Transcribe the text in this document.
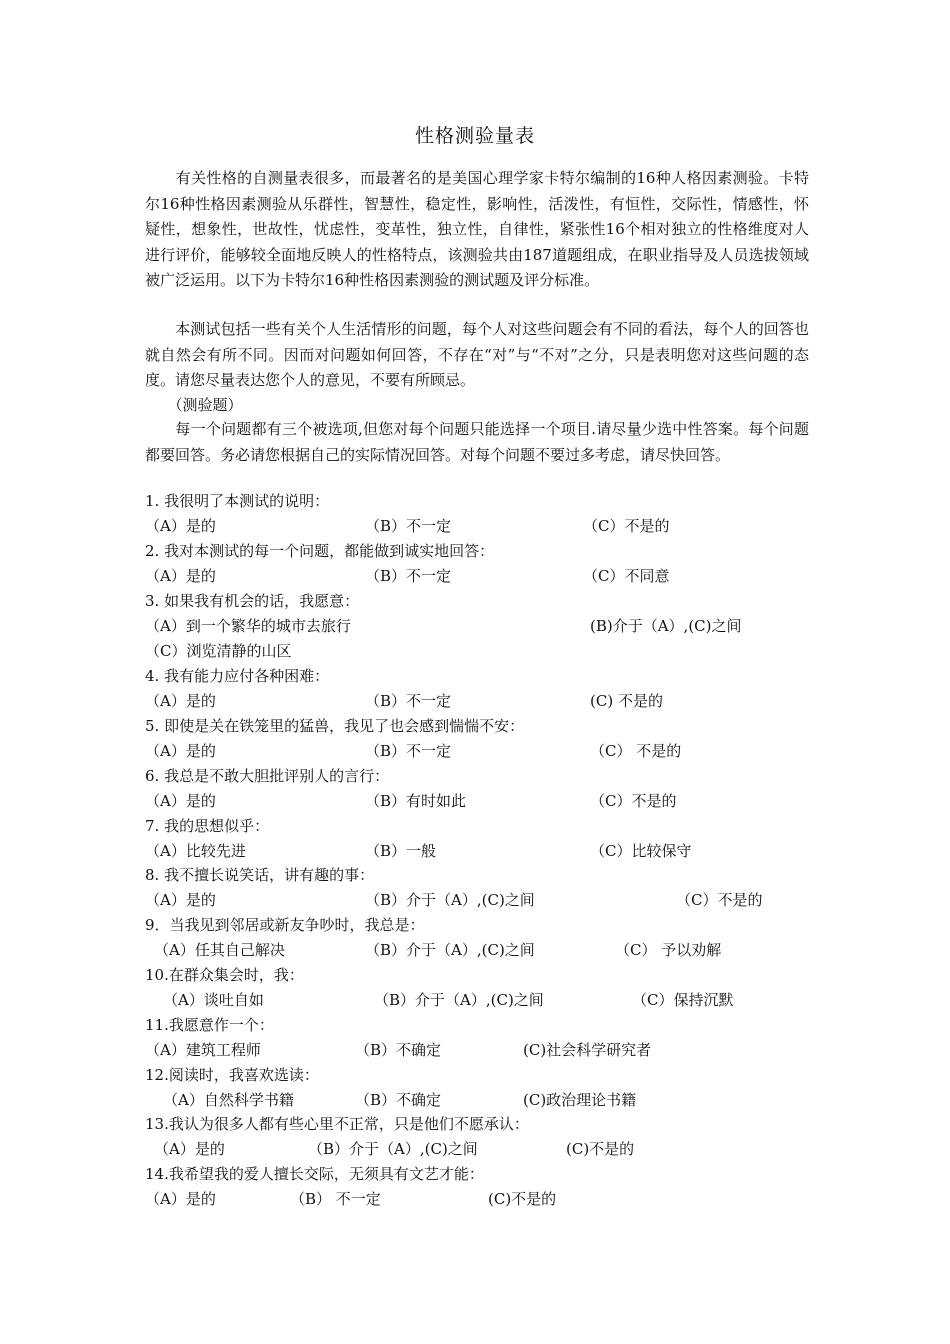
性格测验量表

　　有关性格的自测量表很多，而最著名的是美国心理学家卡特尔编制的16种人格因素测验。卡特尔16种性格因素测验从乐群性，智慧性，稳定性，影响性，活泼性，有恒性，交际性，情感性，怀疑性，想象性，世故性，忧虑性，变革性，独立性，自律性，紧张性16个相对独立的性格维度对人进行评价，能够较全面地反映人的性格特点，该测验共由187道题组成，在职业指导及人员选拔领域被广泛运用。以下为卡特尔16种性格因素测验的测试题及评分标准。

　　本测试包括一些有关个人生活情形的问题，每个人对这些问题会有不同的看法，每个人的回答也就自然会有所不同。因而对问题如何回答，不存在“对”与“不对”之分，只是表明您对这些问题的态度。请您尽量表达您个人的意见，不要有所顾忌。

　　（测验题）

　　每一个问题都有三个被选项,但您对每个问题只能选择一个项目.请尽量少选中性答案。每个问题都要回答。务必请您根据自己的实际情况回答。对每个问题不要过多考虑，请尽快回答。

1. 我很明了本测试的说明：
（A）是的	（B）不一定	（C）不是的
2. 我对本测试的每一个问题，都能做到诚实地回答：
（A）是的	（B）不一定	（C）不同意
3. 如果我有机会的话，我愿意：
（A）到一个繁华的城市去旅行	(B)介于（A）,(C)之间
（C）浏览清静的山区
4. 我有能力应付各种困难：
（A）是的	（B）不一定	(C) 不是的
5. 即使是关在铁笼里的猛兽，我见了也会感到惴惴不安：
（A）是的	（B）不一定	（C） 不是的
6. 我总是不敢大胆批评别人的言行：
（A）是的	（B）有时如此	（C）不是的
7. 我的思想似乎：
（A）比较先进	（B）一般	（C）比较保守
8. 我不擅长说笑话，讲有趣的事：
（A）是的	（B）介于（A）,(C)之间	（C）不是的
9．当我见到邻居或新友争吵时，我总是：
（A）任其自己解决	（B）介于（A）,(C)之间	（C） 予以劝解
10.在群众集会时，我：
（A）谈吐自如	（B）介于（A）,(C)之间	（C）保持沉默
11.我愿意作一个：
（A）建筑工程师	（B）不确定	(C)社会科学研究者
12.阅读时，我喜欢选读：
（A）自然科学书籍	（B）不确定	(C)政治理论书籍
13.我认为很多人都有些心里不正常，只是他们不愿承认：
（A）是的	（B）介于（A）,(C)之间	(C)不是的
14.我希望我的爱人擅长交际，无须具有文艺才能：
（A）是的	（B） 不一定	(C)不是的
